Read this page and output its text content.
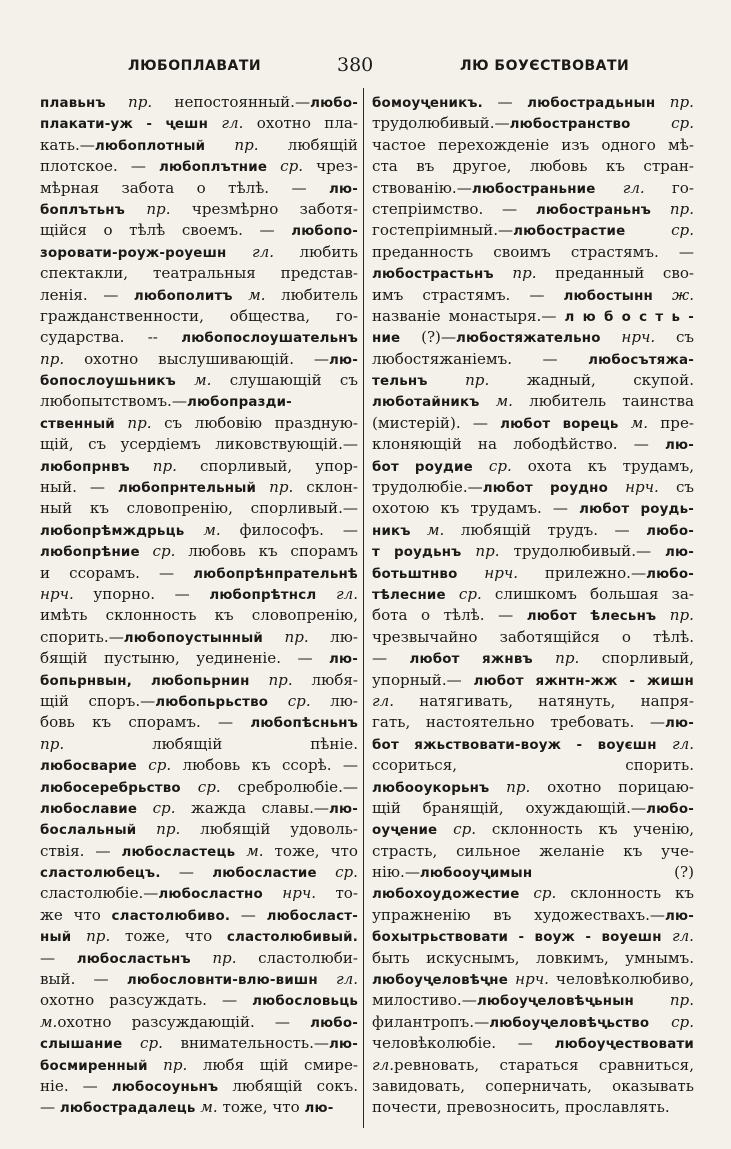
ЛЮБОПЛАВАТИ	380	ЛЮ БОУЄСТВОВАТИ
плавьнъ пр. непостоянный.—любо-
плакати-уж - ҷешн гл. охотно пла-
кать.—любоплотный пр. любящій
плотское. — любоплътние ср. чрез-
мѣрная забота о тѣлѣ. — лю-
боплътьнъ пр. чрезмѣрно заботя-
щійся о тѣлѣ своемъ. — любопо-
зоровати-роуж-роуешн гл. любить
спектакли, театральныя представ-
ленія. — любополитъ м. любитель
гражданственности, общества, го-
сударства. -- любопослоушательнъ
пр. охотно выслушивающій. —лю-
бопослоушьникъ м. слушающій съ
любопытствомъ.—любопразди-
ственный пр. съ любовію праздную-
щій, съ усердіемъ ликовствующій.—
любопрнвъ пр. спорливый, упор-
ный. — любопрнтельный пр. склон-
ный къ словопренію, спорливый.—
любопрѣмждрьць м. философъ. —
любопрѣние ср. любовь къ спорамъ
и ссорамъ. — любопрѣнпрательнѣ
нрч. упорно. — любопрѣтнсл гл.
имѣть склонность къ словопренію,
спорить.—любопоустынный пр. лю-
бящій пустыню, уединеніе. — лю-
бопьрнвын, любопьрнин пр. любя-
щій споръ.—любопьрьство ср. лю-
бовь къ спорамъ. — любопѣсньнъ
пр. любящій пѣніе.
любосварие ср. любовь къ ссорѣ. —
любосеребрьство ср. сребролюбіе.—
любославие ср. жажда славы.—лю-
бослальный пр. любящій удоволь-
ствія. — любосластець м. тоже, что
сластолюбецъ. — любосластие ср.
сластолюбіе.—любосластно нрч. то-
же что сластолюбиво. — любосласт-
ный пр. тоже, что сластолюбивый.
— любосластьнъ пр. сластолюби-
вый. — любословнти-влю-вишн гл.
охотно разсуждать. — любословьць
м.охотно разсуждающій. — любо-
слышание ср. внимательность.—лю-
босмиренный пр. любя щій смире-
ніе. — любосоуньнъ любящій сокъ.
— любострадалець м. тоже, что лю-
бомоуҷеникъ. — любострадьнын пр.
трудолюбивый.—любостранство ср.
частое перехожденіе изъ одного мѣ-
ста въ другое, любовь къ стран-
ствованію.—любостраньние гл. го-
степріимство. — любостраньнъ пр.
гостепріимный.—любострастие ср.
преданность своимъ страстямъ. —
любострастьнъ пр. преданный сво-
имъ страстямъ. — любостынн ж.
названіе монастыря.— л ю б о с т ь -
ние (?)—любостяжательно нрч. съ
любостяжаніемъ. — любосътяжа-
тельнъ пр. жадный, скупой.
люботайникъ м. любитель таинства
(мистерій). — любот ворець м. пре-
клоняющій на лободѣйство. — лю-
бот роудие ср. охота къ трудамъ,
трудолюбіе.—любот роудно нрч. съ
охотою къ трудамъ. — любот роудь-
никъ м. любящій трудъ. — любо-
т роудьнъ пр. трудолюбивый.— лю-
ботьштнво нрч. прилежно.—любо-
тѣлесние ср. слишкомъ большая за-
бота о тѣлѣ. — любот ѣлесьнъ пр.
чрезвычайно заботящійся о тѣлѣ.
— любот яжнвъ пр. спорливый,
упорный.— любот яжнтн-жж - жишн
гл. натягивать, натянуть, напря-
гать, настоятельно требовать. —лю-
бот яжьствовати-воуж - воуєшн гл.
ссориться, спорить.
любооукорьнъ пр. охотно порицаю-
щій бранящій, охуждающій.—любо-
оуҷение ср. склонность къ ученію,
страсть, сильное желаніе къ уче-
нію.—любооуҷимын (?)
любохоудожестие ср. склонность къ
упражненію въ художествахъ.—лю-
бохытрьствовати - воуж - воуешн гл.
быть искуснымъ, ловкимъ, умнымъ.
любоуҷеловѣҷне нрч. человѣколюбиво,
милостиво.—любоуҷеловѣҷьнын пр.
филантропъ.—любоуҷеловѣҷьство ср.
человѣколюбіе. — любоуҷествовати
гл.ревновать, стараться сравниться,
завидовать, соперничать, оказывать
почести, превозносить, прославлять.
